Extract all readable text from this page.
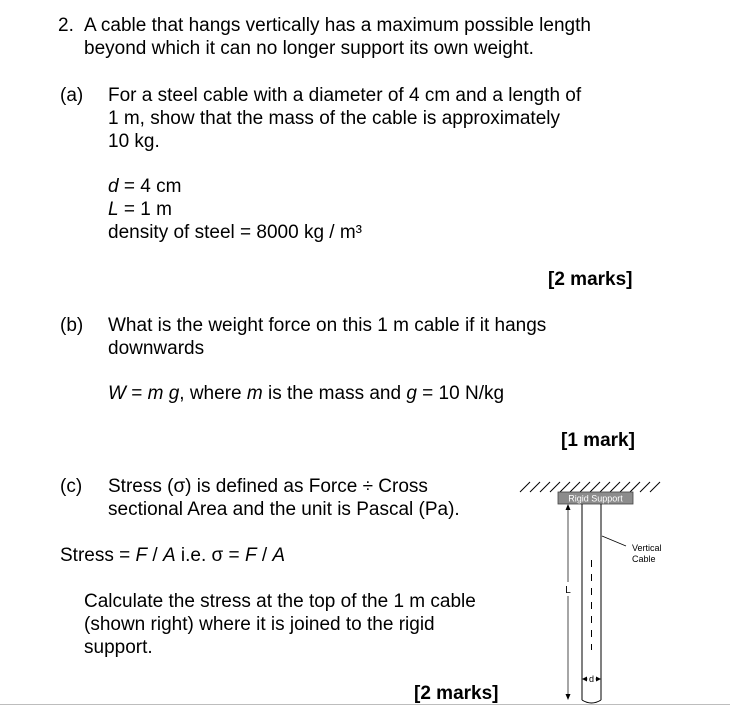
2. A cable that hangs vertically has a maximum possible length
beyond which it can no longer support its own weight.
(a) For a steel cable with a diameter of 4 cm and a length of
1 m, show that the mass of the cable is approximately
10 kg.
d = 4 cm
L = 1 m
density of steel = 8000 kg / m³
[2 marks]
(b) What is the weight force on this 1 m cable if it hangs
downwards
W = m g, where m is the mass and g = 10 N/kg
[1 mark]
(c) Stress (σ) is defined as Force ÷ Cross
sectional Area and the unit is Pascal (Pa).
Stress = F / A i.e. σ = F / A
Calculate the stress at the top of the 1 m cable
(shown right) where it is joined to the rigid
support.
[2 marks]
Rigid Support
L
d
Vertical
Cable
